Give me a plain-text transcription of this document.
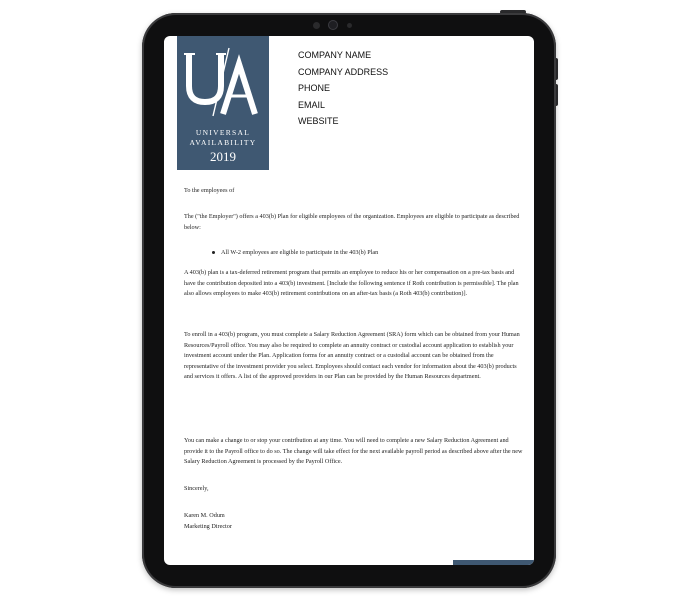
UNIVERSAL
AVAILABILITY
2019
COMPANY NAME
COMPANY ADDRESS
PHONE
EMAIL
WEBSITE
To the employees of
The ("the Employer") offers a 403(b) Plan for eligible employees of the organization. Employees are eligible to participate as described below:
All W-2 employees are eligible to participate in the 403(b) Plan
A 403(b) plan is a tax-deferred retirement program that permits an employee to reduce his or her compensation on a pre-tax basis and have the contribution deposited into a 403(b) investment. [Include the following sentence if Roth contribution is permissible]. The plan also allows employees to make 403(b) retirement contributions on an after-tax basis (a Roth 403(b) contribution)].
To enroll in a 403(b) program, you must complete a Salary Reduction Agreement (SRA) form which can be obtained from your Human Resources/Payroll office. You may also be required to complete an annuity contract or custodial account application to establish your investment account under the Plan. Application forms for an annuity contract or a custodial account can be obtained from the representative of the investment provider you select. Employees should contact each vendor for information about the 403(b) products and services it offers. A list of the approved providers in our Plan can be provided by the Human Resources department.
You can make a change to or stop your contribution at any time. You will need to complete a new Salary Reduction Agreement and provide it to the Payroll office to do so. The change will take effect for the next available payroll period as described above after the new Salary Reduction Agreement is processed by the Payroll Office.
Sincerely,
Karen M. Odum
Marketing Director
